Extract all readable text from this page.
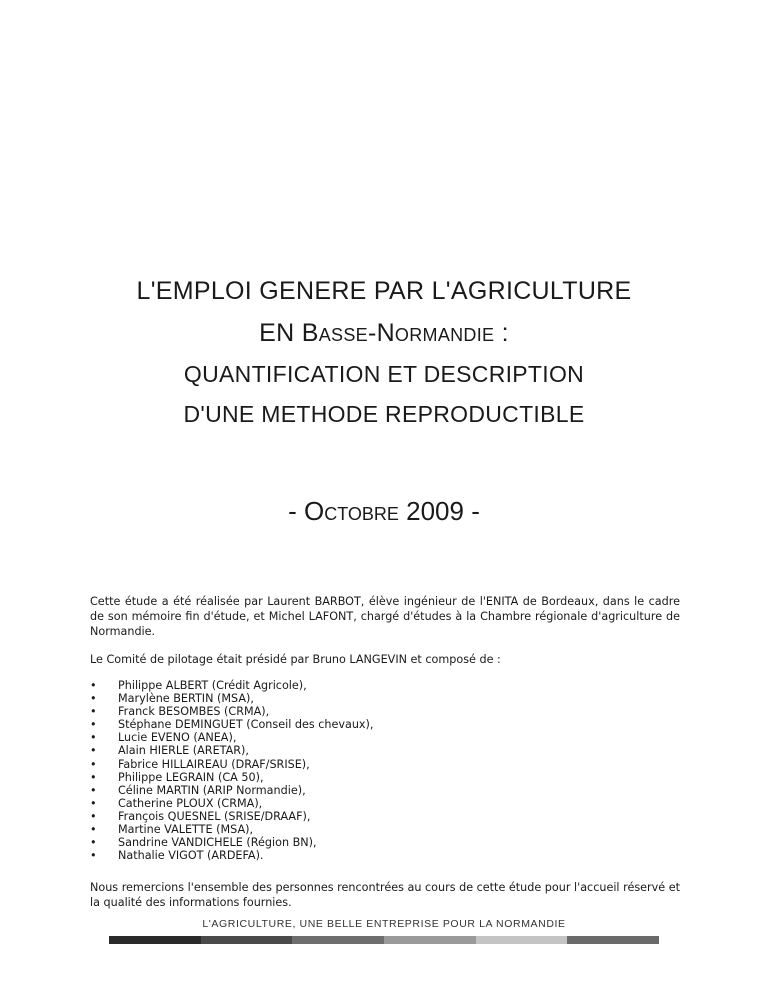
L'EMPLOI GENERE PAR L'AGRICULTURE
EN Basse-Normandie :
QUANTIFICATION ET DESCRIPTION
D'UNE METHODE REPRODUCTIBLE
- Octobre 2009 -

Cette étude a été réalisée par Laurent BARBOT, élève ingénieur de l'ENITA de Bordeaux, dans le cadre de son mémoire fin d'étude, et Michel LAFONT, chargé d'études à la Chambre régionale d'agriculture de Normandie.

Le Comité de pilotage était présidé par Bruno LANGEVIN et composé de :

• Philippe ALBERT (Crédit Agricole),
• Marylène BERTIN (MSA),
• Franck BESOMBES (CRMA),
• Stéphane DEMINGUET (Conseil des chevaux),
• Lucie EVENO (ANEA),
• Alain HIERLE (ARETAR),
• Fabrice HILLAIREAU (DRAF/SRISE),
• Philippe LEGRAIN (CA 50),
• Céline MARTIN (ARIP Normandie),
• Catherine PLOUX (CRMA),
• François QUESNEL (SRISE/DRAAF),
• Martine VALETTE (MSA),
• Sandrine VANDICHELE (Région BN),
• Nathalie VIGOT (ARDEFA).

Nous remercions l'ensemble des personnes rencontrées au cours de cette étude pour l'accueil réservé et la qualité des informations fournies.

L'AGRICULTURE, UNE BELLE ENTREPRISE POUR LA NORMANDIE
